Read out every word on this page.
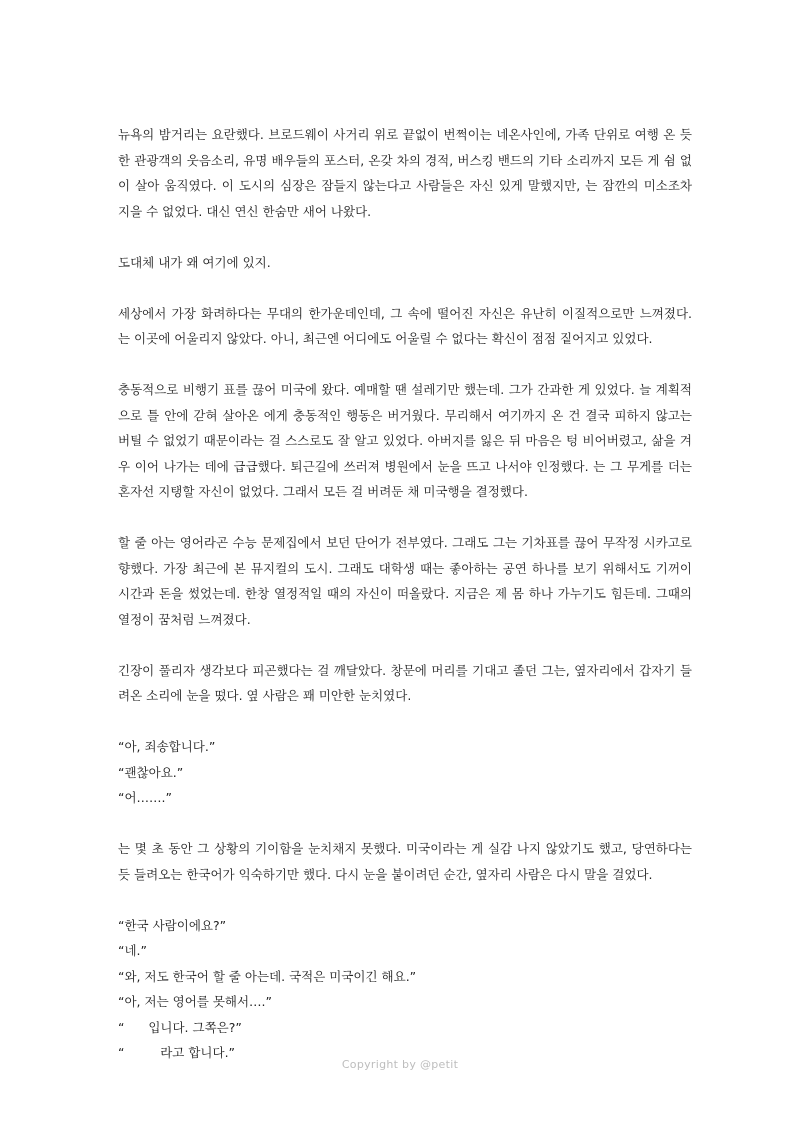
뉴욕의 밤거리는 요란했다. 브로드웨이 사거리 위로 끝없이 번쩍이는 네온사인에, 가족 단위로 여행 온 듯한 관광객의 웃음소리, 유명 배우들의 포스터, 온갖 차의 경적, 버스킹 밴드의 기타 소리까지 모든 게 쉼 없이 살아 움직였다. 이 도시의 심장은 잠들지 않는다고 사람들은 자신 있게 말했지만, 는 잠깐의 미소조차 지을 수 없었다. 대신 연신 한숨만 새어 나왔다.

도대체 내가 왜 여기에 있지.

세상에서 가장 화려하다는 무대의 한가운데인데, 그 속에 떨어진 자신은 유난히 이질적으로만 느껴졌다. 는 이곳에 어울리지 않았다. 아니, 최근엔 어디에도 어울릴 수 없다는 확신이 점점 짙어지고 있었다.

충동적으로 비행기 표를 끊어 미국에 왔다. 예매할 땐 설레기만 했는데. 그가 간과한 게 있었다. 늘 계획적으로 틀 안에 갇혀 살아온 에게 충동적인 행동은 버거웠다. 무리해서 여기까지 온 건 결국 피하지 않고는 버틸 수 없었기 때문이라는 걸 스스로도 잘 알고 있었다. 아버지를 잃은 뒤 마음은 텅 비어버렸고, 삶을 겨우 이어 나가는 데에 급급했다. 퇴근길에 쓰러져 병원에서 눈을 뜨고 나서야 인정했다. 는 그 무게를 더는 혼자선 지탱할 자신이 없었다. 그래서 모든 걸 버려둔 채 미국행을 결정했다.

할 줄 아는 영어라곤 수능 문제집에서 보던 단어가 전부였다. 그래도 그는 기차표를 끊어 무작정 시카고로 향했다. 가장 최근에 본 뮤지컬의 도시. 그래도 대학생 때는 좋아하는 공연 하나를 보기 위해서도 기꺼이 시간과 돈을 썼었는데. 한창 열정적일 때의 자신이 떠올랐다. 지금은 제 몸 하나 가누기도 힘든데. 그때의 열정이 꿈처럼 느껴졌다.

긴장이 풀리자 생각보다 피곤했다는 걸 깨달았다. 창문에 머리를 기대고 졸던 그는, 옆자리에서 갑자기 들려온 소리에 눈을 떴다. 옆 사람은 꽤 미안한 눈치였다.

“아, 죄송합니다.”

“괜찮아요.”

“어…….”

는 몇 초 동안 그 상황의 기이함을 눈치채지 못했다. 미국이라는 게 실감 나지 않았기도 했고, 당연하다는 듯 들려오는 한국어가 익숙하기만 했다. 다시 눈을 붙이려던 순간, 옆자리 사람은 다시 말을 걸었다.

“한국 사람이에요?”

“네.”

“와, 저도 한국어 할 줄 아는데. 국적은 미국이긴 해요.”

“아, 저는 영어를 못해서….”

“      입니다. 그쪽은?”

“         라고 합니다.”

Copyright by @petit
